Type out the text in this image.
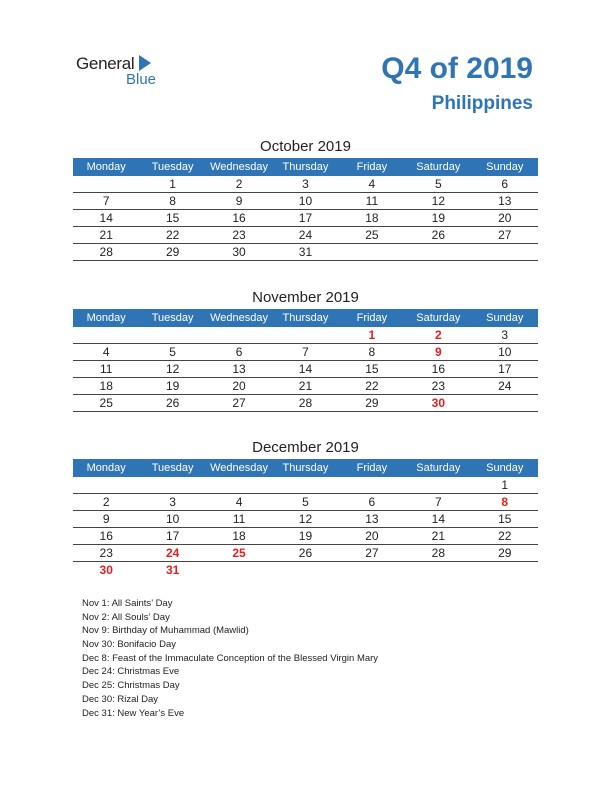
General
Blue	Q4 of 2019
Philippines
October 2019
Monday	Tuesday	Wednesday	Thursday	Friday	Saturday	Sunday
	1	2	3	4	5	6
7	8	9	10	11	12	13
14	15	16	17	18	19	20
21	22	23	24	25	26	27
28	29	30	31			
November 2019
Monday	Tuesday	Wednesday	Thursday	Friday	Saturday	Sunday
				1	2	3
4	5	6	7	8	9	10
11	12	13	14	15	16	17
18	19	20	21	22	23	24
25	26	27	28	29	30	
December 2019
Monday	Tuesday	Wednesday	Thursday	Friday	Saturday	Sunday
						1
2	3	4	5	6	7	8
9	10	11	12	13	14	15
16	17	18	19	20	21	22
23	24	25	26	27	28	29
30	31					
Nov 1: All Saints’ Day
Nov 2: All Souls’ Day
Nov 9: Birthday of Muhammad (Mawlid)
Nov 30: Bonifacio Day
Dec 8: Feast of the Immaculate Conception of the Blessed Virgin Mary
Dec 24: Christmas Eve
Dec 25: Christmas Day
Dec 30: Rizal Day
Dec 31: New Year’s Eve
